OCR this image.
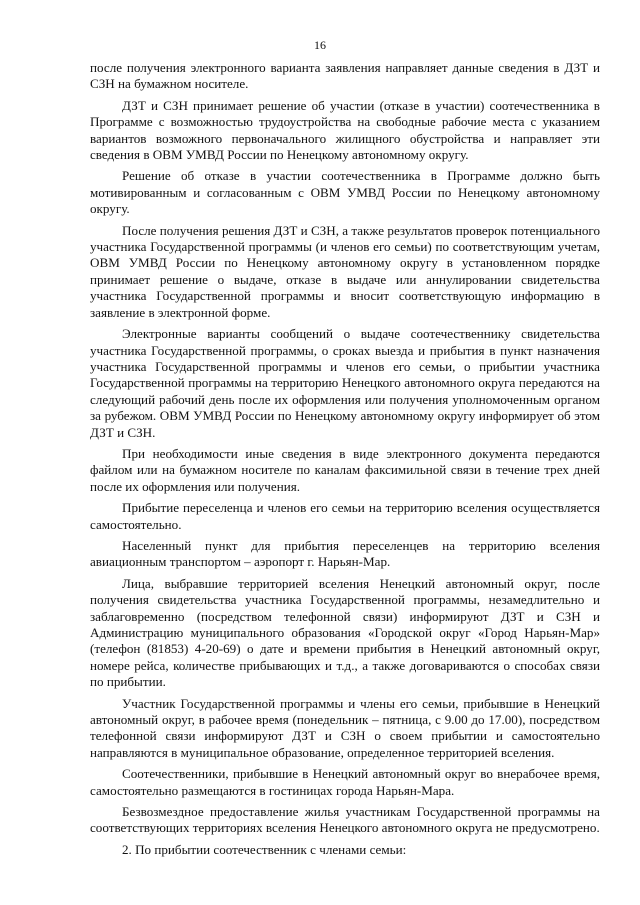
16

после получения электронного варианта заявления направляет данные сведения в ДЗТ и СЗН на бумажном носителе.

ДЗТ и СЗН принимает решение об участии (отказе в участии) соотечественника в Программе с возможностью трудоустройства на свободные рабочие места с указанием вариантов возможного первоначального жилищного обустройства и направляет эти сведения в ОВМ УМВД России по Ненецкому автономному округу.

Решение об отказе в участии соотечественника в Программе должно быть мотивированным и согласованным с ОВМ УМВД России по Ненецкому автономному округу.

После получения решения ДЗТ и СЗН, а также результатов проверок потенциального участника Государственной программы (и членов его семьи) по соответствующим учетам, ОВМ УМВД России по Ненецкому автономному округу в установленном порядке принимает решение о выдаче, отказе в выдаче или аннулировании свидетельства участника Государственной программы и вносит соответствующую информацию в заявление в электронной форме.

Электронные варианты сообщений о выдаче соотечественнику свидетельства участника Государственной программы, о сроках выезда и прибытия в пункт назначения участника Государственной программы и членов его семьи, о прибытии участника Государственной программы на территорию Ненецкого автономного округа передаются на следующий рабочий день после их оформления или получения уполномоченным органом за рубежом. ОВМ УМВД России по Ненецкому автономному округу информирует об этом ДЗТ и СЗН.

При необходимости иные сведения в виде электронного документа передаются файлом или на бумажном носителе по каналам факсимильной связи в течение трех дней после их оформления или получения.

Прибытие переселенца и членов его семьи на территорию вселения осуществляется самостоятельно.

Населенный пункт для прибытия переселенцев на территорию вселения авиационным транспортом – аэропорт г. Нарьян-Мар.

Лица, выбравшие территорией вселения Ненецкий автономный округ, после получения свидетельства участника Государственной программы, незамедлительно и заблаговременно (посредством телефонной связи) информируют ДЗТ и СЗН и Администрацию муниципального образования «Городской округ «Город Нарьян-Мар» (телефон (81853) 4-20-69) о дате и времени прибытия в Ненецкий автономный округ, номере рейса, количестве прибывающих и т.д., а также договариваются о способах связи по прибытии.

Участник Государственной программы и члены его семьи, прибывшие в Ненецкий автономный округ, в рабочее время (понедельник – пятница, с 9.00 до 17.00), посредством телефонной связи информируют ДЗТ и СЗН о своем прибытии и самостоятельно направляются в муниципальное образование, определенное территорией вселения.

Соотечественники, прибывшие в Ненецкий автономный округ во внерабочее время, самостоятельно размещаются в гостиницах города Нарьян-Мара.

Безвозмездное предоставление жилья участникам Государственной программы на соответствующих территориях вселения Ненецкого автономного округа не предусмотрено.

2. По прибытии соотечественник с членами семьи:
